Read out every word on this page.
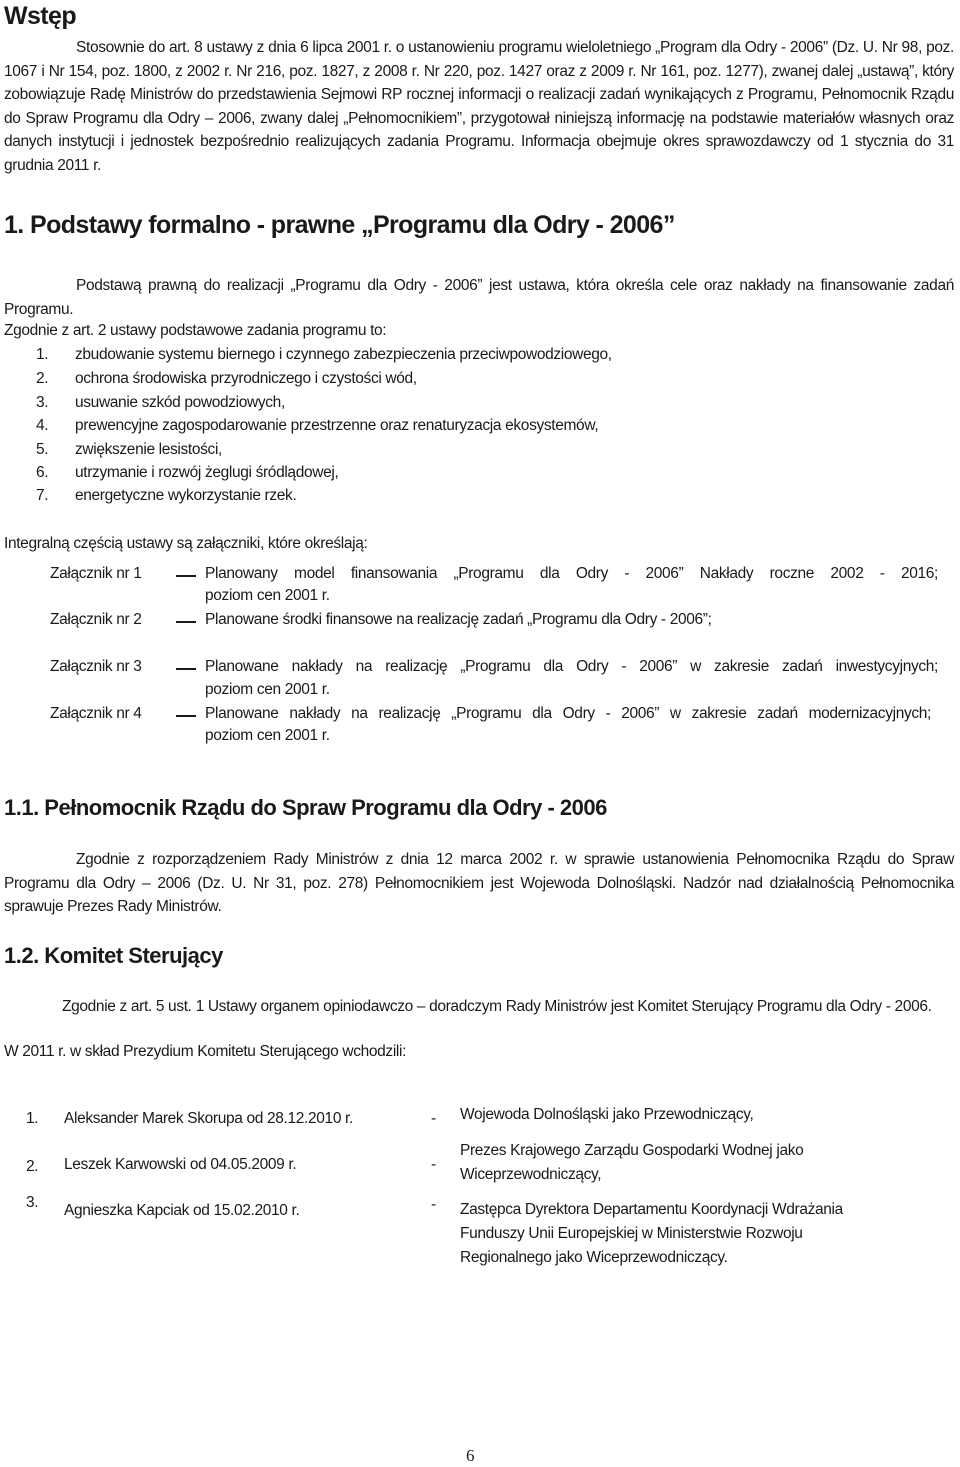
Wstęp
Stosownie do art. 8 ustawy z dnia 6 lipca 2001 r. o ustanowieniu programu wieloletniego „Program dla Odry - 2006” (Dz. U. Nr 98, poz. 1067 i Nr 154, poz. 1800, z 2002 r. Nr 216, poz. 1827, z 2008 r. Nr 220, poz. 1427 oraz z 2009 r. Nr 161, poz. 1277), zwanej dalej „ustawą”, który zobowiązuje Radę Ministrów do przedstawienia Sejmowi RP rocznej informacji o realizacji zadań wynikających z Programu, Pełnomocnik Rządu do Spraw Programu dla Odry – 2006, zwany dalej „Pełnomocnikiem”, przygotował niniejszą informację na podstawie materiałów własnych oraz danych instytucji i jednostek bezpośrednio realizujących zadania Programu. Informacja obejmuje okres sprawozdawczy od 1 stycznia do 31 grudnia 2011 r.
1. Podstawy formalno - prawne „Programu dla Odry - 2006”
Podstawą prawną do realizacji „Programu dla Odry - 2006” jest ustawa, która określa cele oraz nakłady na finansowanie zadań Programu.
Zgodnie z art. 2 ustawy podstawowe zadania programu to:
1. zbudowanie systemu biernego i czynnego zabezpieczenia przeciwpowodziowego,
2. ochrona środowiska przyrodniczego i czystości wód,
3. usuwanie szkód powodziowych,
4. prewencyjne zagospodarowanie przestrzenne oraz renaturyzacja ekosystemów,
5. zwiększenie lesistości,
6. utrzymanie i rozwój żeglugi śródlądowej,
7. energetyczne wykorzystanie rzek.
Integralną częścią ustawy są załączniki, które określają:
Załącznik nr 1	Planowany model finansowania „Programu dla Odry - 2006” Nakłady roczne 2002 - 2016;
poziom cen 2001 r.
Załącznik nr 2	Planowane środki finansowe na realizację zadań „Programu dla Odry - 2006”;
Załącznik nr 3	Planowane nakłady na realizację „Programu dla Odry - 2006” w zakresie zadań inwestycyjnych;
poziom cen 2001 r.
Załącznik nr 4	Planowane nakłady na realizację „Programu dla Odry - 2006” w zakresie zadań modernizacyjnych;
poziom cen 2001 r.
1.1. Pełnomocnik Rządu do Spraw Programu dla Odry - 2006
Zgodnie z rozporządzeniem Rady Ministrów z dnia 12 marca 2002 r. w sprawie ustanowienia Pełnomocnika Rządu do Spraw Programu dla Odry – 2006 (Dz. U. Nr 31, poz. 278) Pełnomocnikiem jest Wojewoda Dolnośląski. Nadzór nad działalnością Pełnomocnika sprawuje Prezes Rady Ministrów.
1.2. Komitet Sterujący
Zgodnie z art. 5 ust. 1 Ustawy organem opiniodawczo – doradczym Rady Ministrów jest Komitet Sterujący Programu dla Odry - 2006.
W 2011 r. w skład Prezydium Komitetu Sterującego wchodzili:
1. Aleksander Marek Skorupa od 28.12.2010 r.	- Wojewoda Dolnośląski jako Przewodniczący,
2. Leszek Karwowski od 04.05.2009 r.	-
Prezes Krajowego Zarządu Gospodarki Wodnej jako
Wiceprzewodniczący,
3. Agnieszka Kapciak od 15.02.2010 r.	- Zastępca Dyrektora Departamentu Koordynacji Wdrażania
Funduszy Unii Europejskiej w Ministerstwie Rozwoju
Regionalnego jako Wiceprzewodniczący.
6
